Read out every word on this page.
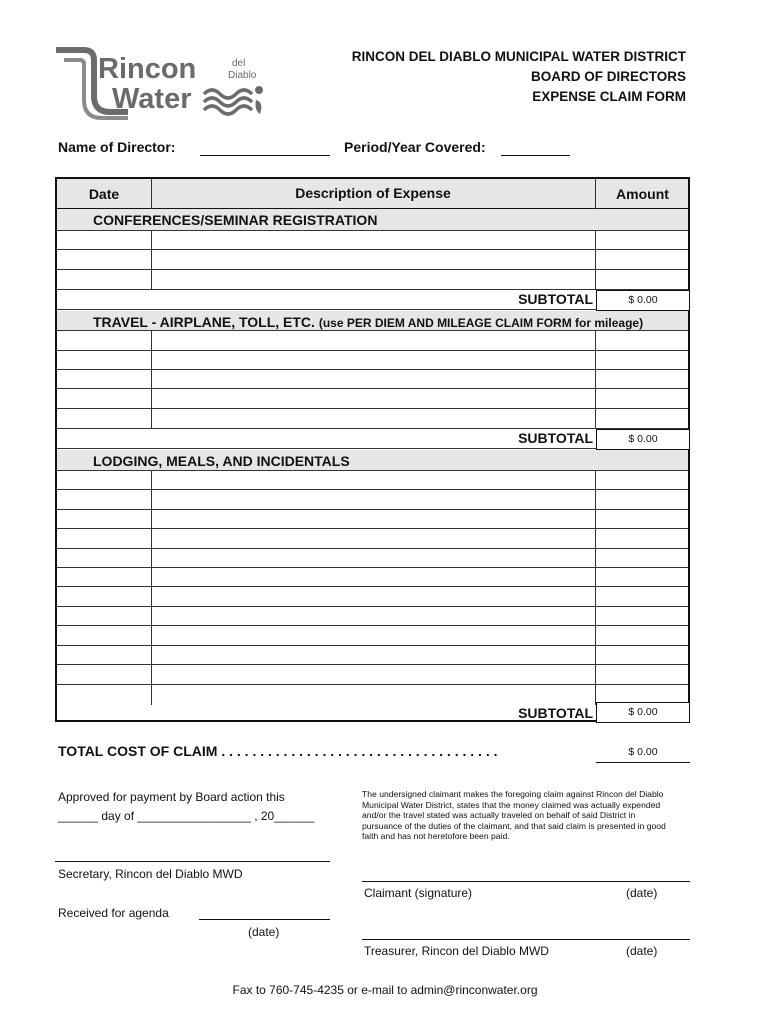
Rincon
Water
del
Diablo
RINCON DEL DIABLO MUNICIPAL WATER DISTRICT
BOARD OF DIRECTORS
EXPENSE CLAIM FORM
Name of Director:	Period/Year Covered:
Date	Description of Expense	Amount
CONFERENCES/SEMINAR REGISTRATION
SUBTOTAL	$ 0.00
TRAVEL - AIRPLANE, TOLL, ETC. (use PER DIEM AND MILEAGE CLAIM FORM for mileage)
SUBTOTAL	$ 0.00
LODGING, MEALS, AND INCIDENTALS
SUBTOTAL	$ 0.00
TOTAL COST OF CLAIM . . . . . . . . . . . . . . . . . . . . . . . . . . . . . . . . . . . .	$ 0.00
Approved for payment by Board action this
______ day of _________________ , 20______
The undersigned claimant makes the foregoing claim against Rincon del Diablo
Municipal Water District, states that the money claimed was actually expended
and/or the travel stated was actually traveled on behalf of said District in
pursuance of the duties of the claimant, and that said claim is presented in good
faith and has not heretofore been paid.
Secretary, Rincon del Diablo MWD
Received for agenda
(date)
Claimant (signature)	(date)
Treasurer, Rincon del Diablo MWD	(date)
Fax to 760-745-4235 or e-mail to admin@rinconwater.org
